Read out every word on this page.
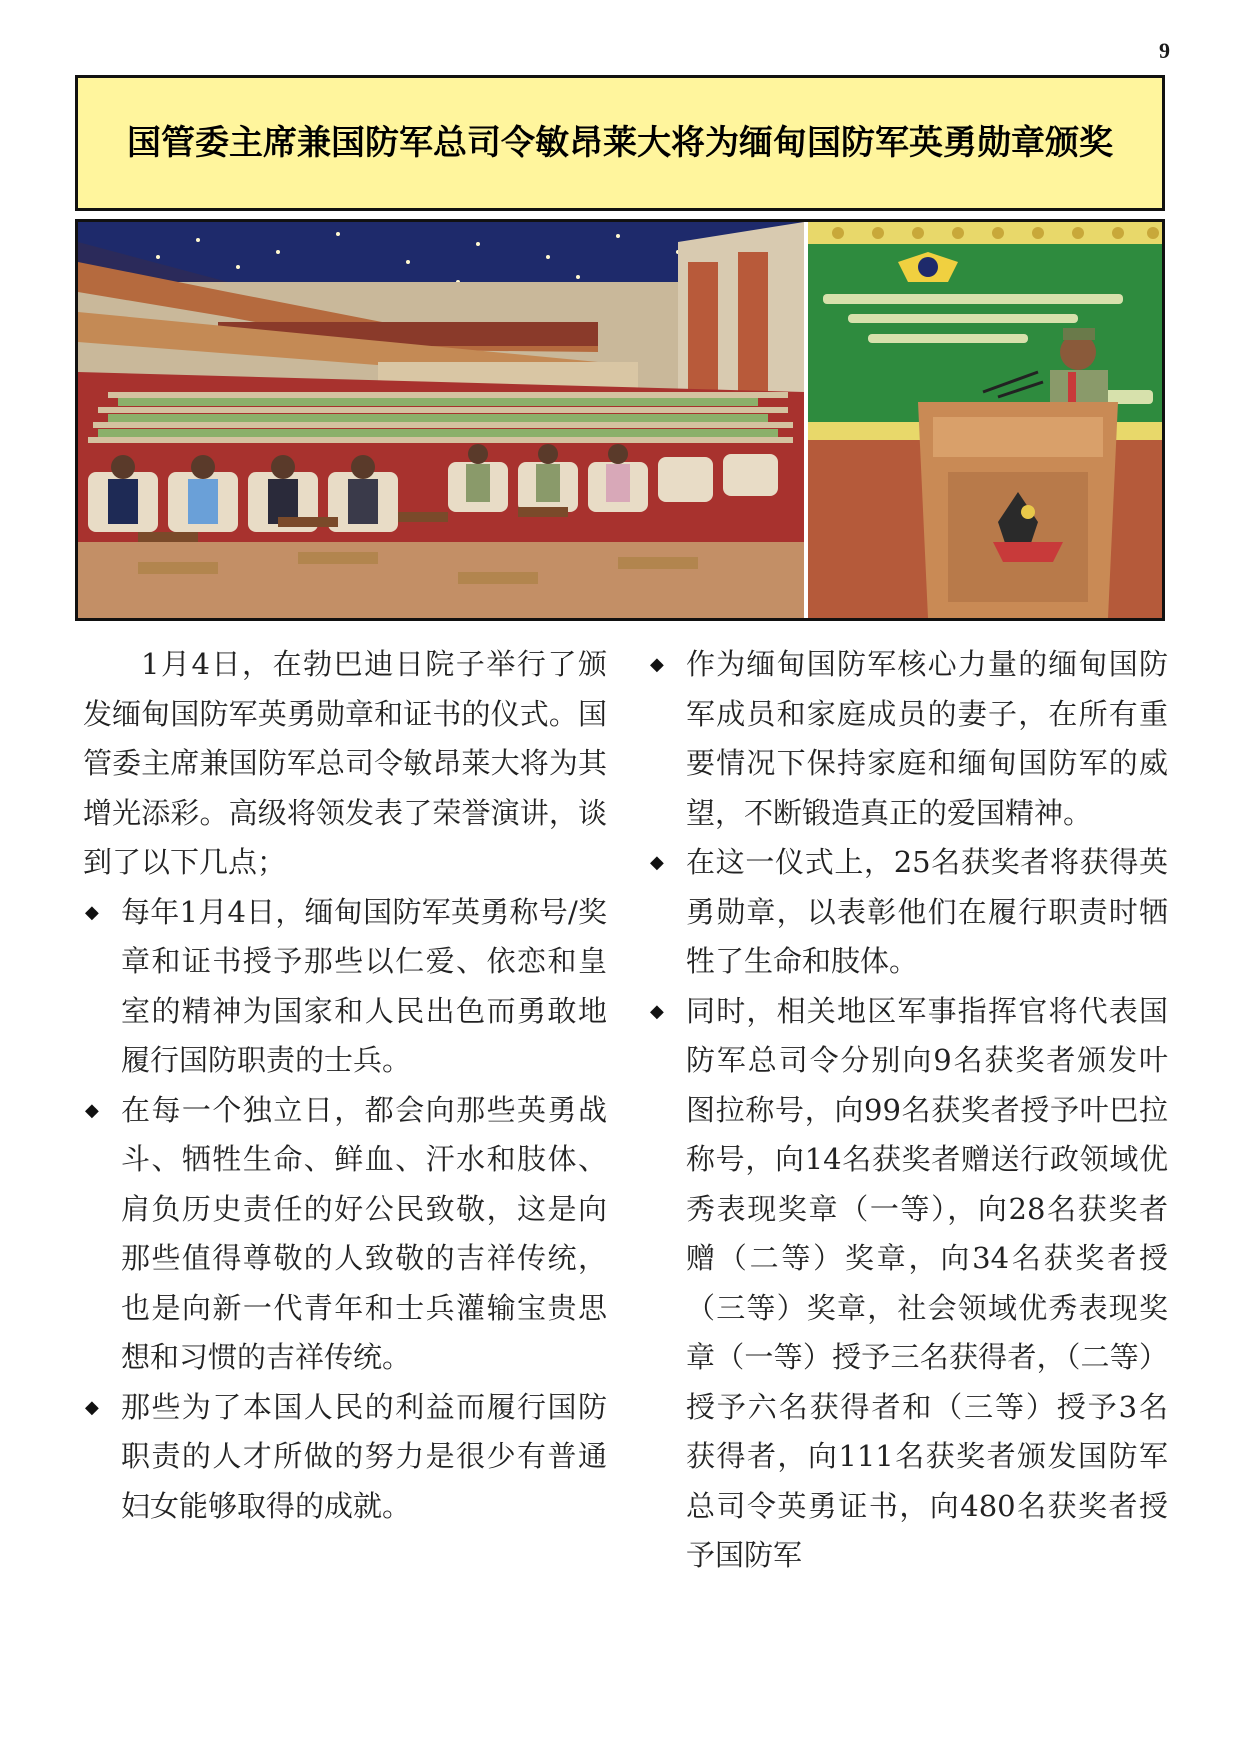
9
国管委主席兼国防军总司令敏昂莱大将为缅甸国防军英勇勋章颁奖

1月4日，在勃巴迪日院子举行了颁发缅甸国防军英勇勋章和证书的仪式。国管委主席兼国防军总司令敏昂莱大将为其增光添彩。高级将领发表了荣誉演讲，谈到了以下几点；

◆ 每年1月4日，缅甸国防军英勇称号/奖章和证书授予那些以仁爱、依恋和皇室的精神为国家和人民出色而勇敢地履行国防职责的士兵。
◆ 在每一个独立日，都会向那些英勇战斗、牺牲生命、鲜血、汗水和肢体、肩负历史责任的好公民致敬，这是向那些值得尊敬的人致敬的吉祥传统，也是向新一代青年和士兵灌输宝贵思想和习惯的吉祥传统。
◆ 那些为了本国人民的利益而履行国防职责的人才所做的努力是很少有普通妇女能够取得的成就。
◆ 作为缅甸国防军核心力量的缅甸国防军成员和家庭成员的妻子，在所有重要情况下保持家庭和缅甸国防军的威望，不断锻造真正的爱国精神。
◆ 在这一仪式上，25名获奖者将获得英勇勋章，以表彰他们在履行职责时牺牲了生命和肢体。
◆ 同时，相关地区军事指挥官将代表国防军总司令分别向9名获奖者颁发叶图拉称号，向99名获奖者授予叶巴拉称号，向14名获奖者赠送行政领域优秀表现奖章（一等），向28名获奖者赠（二等）奖章，向34名获奖者授（三等）奖章，社会领域优秀表现奖章（一等）授予三名获得者，（二等）授予六名获得者和（三等）授予3名获得者，向111名获奖者颁发国防军总司令英勇证书，向480名获奖者授予国防军
